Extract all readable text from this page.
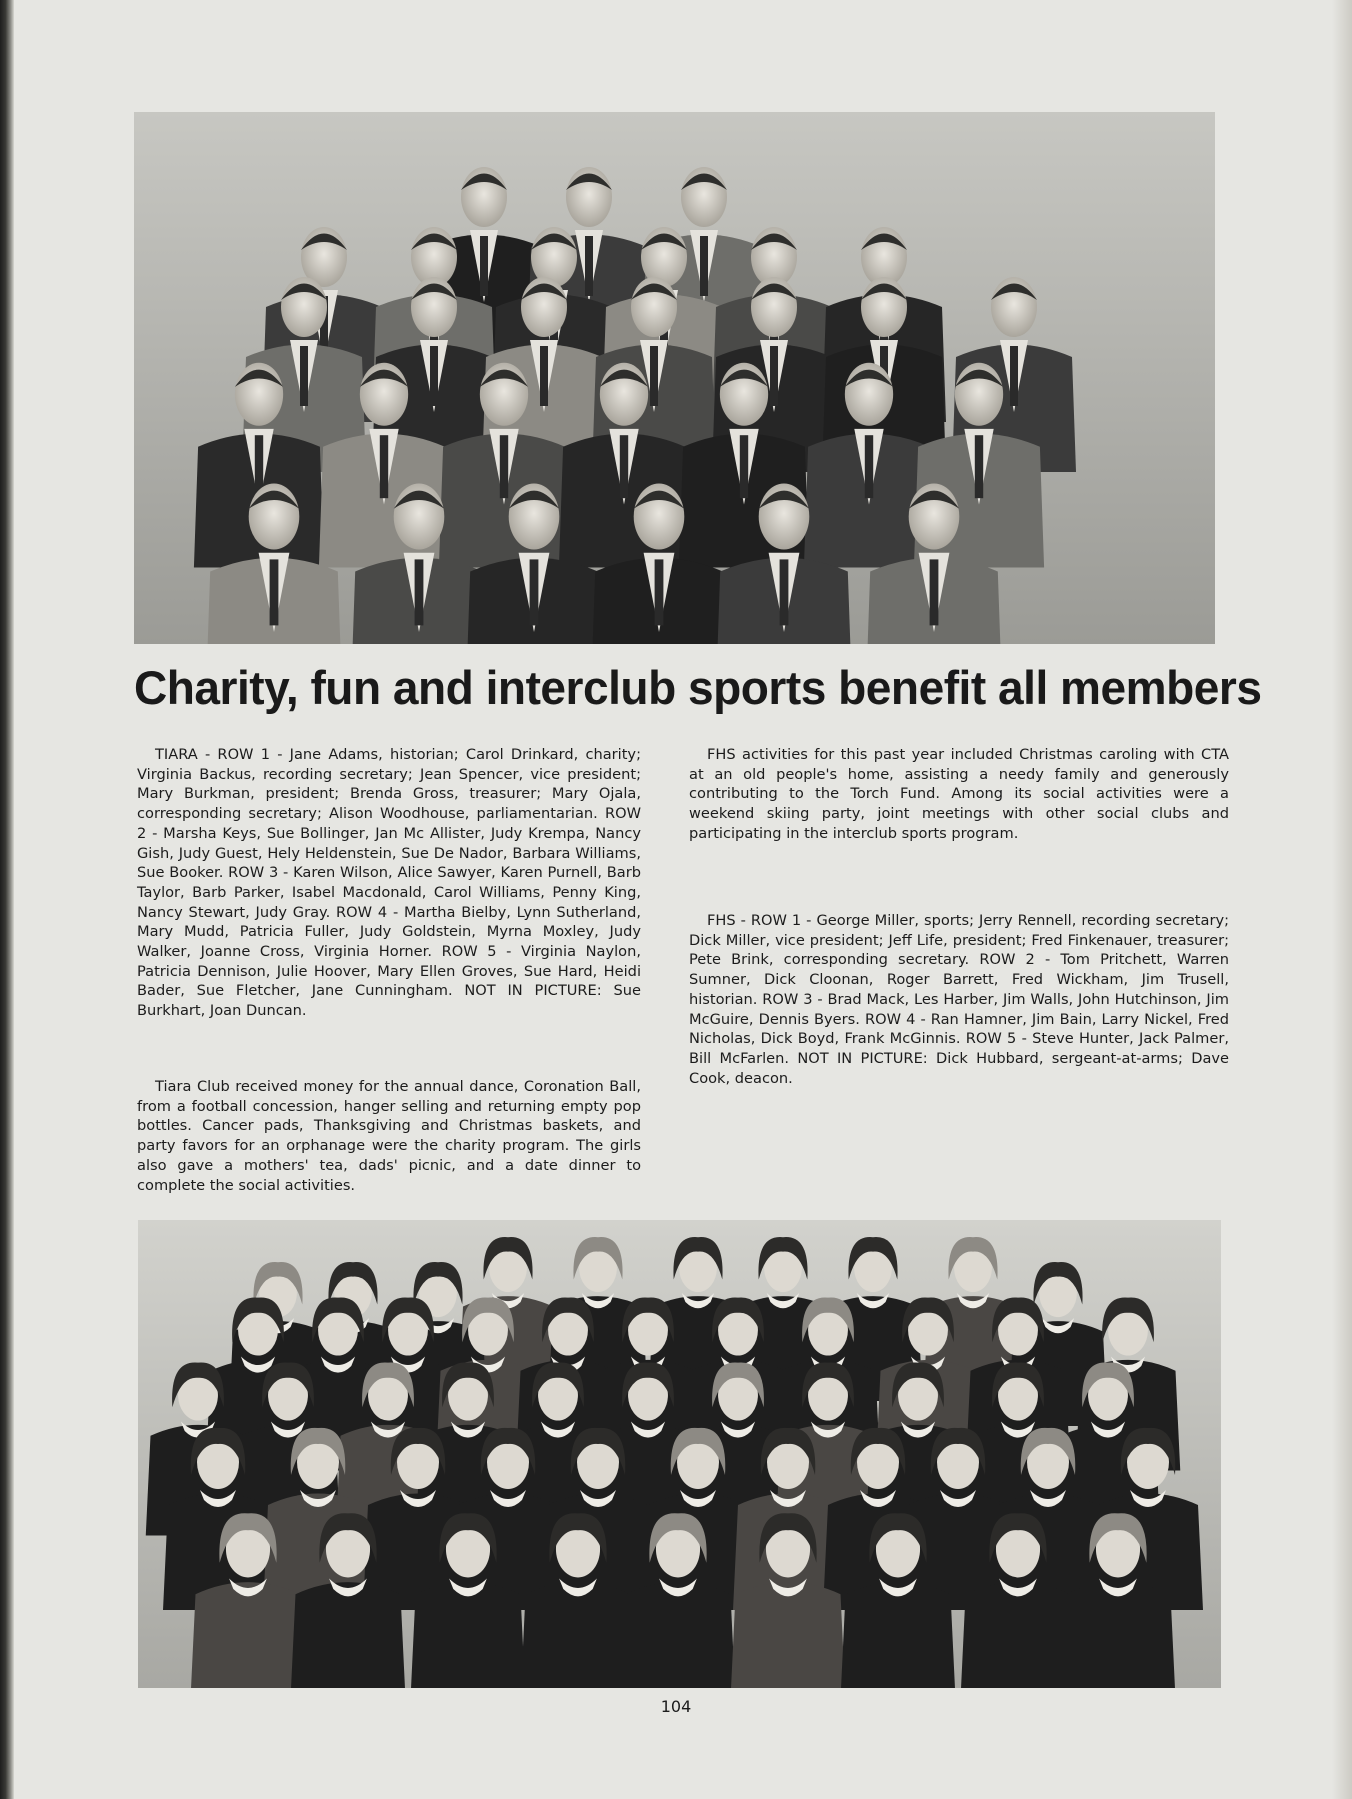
Charity, fun and interclub sports benefit all members

TIARA - ROW 1 - Jane Adams, historian; Carol Drinkard, charity; Virginia Backus, recording secretary; Jean Spencer, vice president; Mary Burkman, president; Brenda Gross, treasurer; Mary Ojala, corresponding secretary; Alison Woodhouse, parliamentarian. ROW 2 - Marsha Keys, Sue Bollinger, Jan Mc Allister, Judy Krempa, Nancy Gish, Judy Guest, Hely Heldenstein, Sue De Nador, Barbara Williams, Sue Booker. ROW 3 - Karen Wilson, Alice Sawyer, Karen Purnell, Barb Taylor, Barb Parker, Isabel Macdonald, Carol Williams, Penny King, Nancy Stewart, Judy Gray. ROW 4 - Martha Bielby, Lynn Sutherland, Mary Mudd, Patricia Fuller, Judy Goldstein, Myrna Moxley, Judy Walker, Joanne Cross, Virginia Horner. ROW 5 - Virginia Naylon, Patricia Dennison, Julie Hoover, Mary Ellen Groves, Sue Hard, Heidi Bader, Sue Fletcher, Jane Cunningham. NOT IN PICTURE: Sue Burkhart, Joan Duncan.

Tiara Club received money for the annual dance, Coronation Ball, from a football concession, hanger selling and returning empty pop bottles. Cancer pads, Thanksgiving and Christmas baskets, and party favors for an orphanage were the charity program. The girls also gave a mothers' tea, dads' picnic, and a date dinner to complete the social activities.

FHS activities for this past year included Christmas caroling with CTA at an old people's home, assisting a needy family and generously contributing to the Torch Fund. Among its social activities were a weekend skiing party, joint meetings with other social clubs and participating in the interclub sports program.

FHS - ROW 1 - George Miller, sports; Jerry Rennell, recording secretary; Dick Miller, vice president; Jeff Life, president; Fred Finkenauer, treasurer; Pete Brink, corresponding secretary. ROW 2 - Tom Pritchett, Warren Sumner, Dick Cloonan, Roger Barrett, Fred Wickham, Jim Trusell, historian. ROW 3 - Brad Mack, Les Harber, Jim Walls, John Hutchinson, Jim McGuire, Dennis Byers. ROW 4 - Ran Hamner, Jim Bain, Larry Nickel, Fred Nicholas, Dick Boyd, Frank McGinnis. ROW 5 - Steve Hunter, Jack Palmer, Bill McFarlen. NOT IN PICTURE: Dick Hubbard, sergeant-at-arms; Dave Cook, deacon.

104
